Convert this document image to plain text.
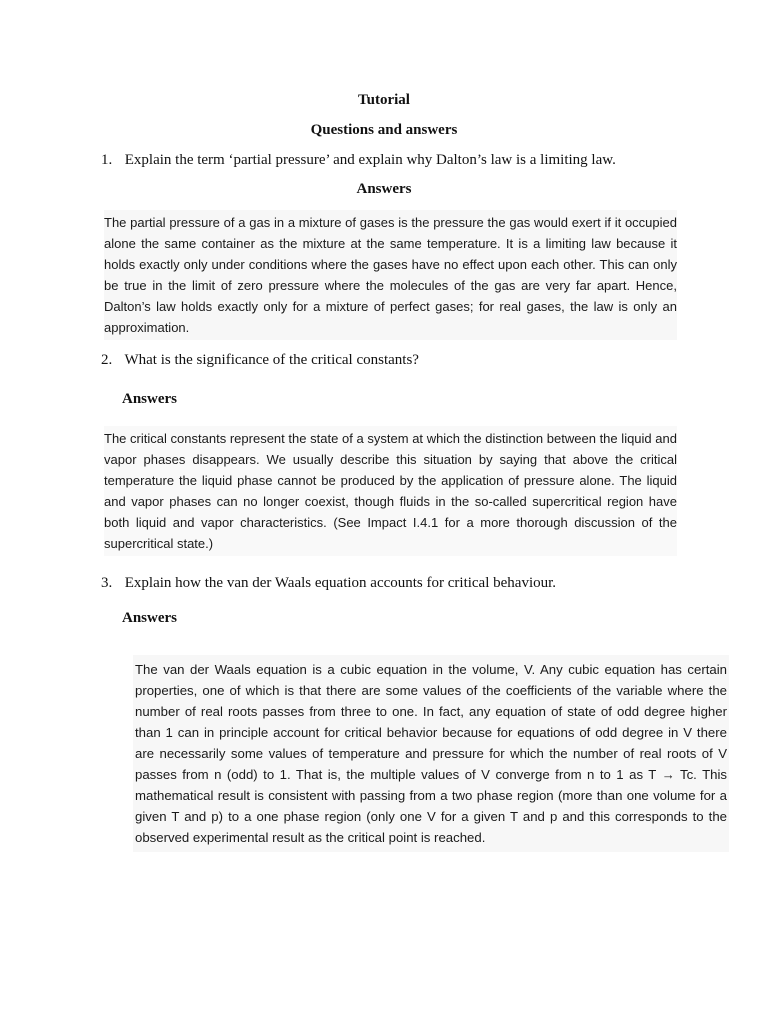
Tutorial
Questions and answers

1. Explain the term ‘partial pressure’ and explain why Dalton’s law is a limiting law.

Answers

The partial pressure of a gas in a mixture of gases is the pressure the gas would exert if it occupied alone the same container as the mixture at the same temperature. It is a limiting law because it holds exactly only under conditions where the gases have no effect upon each other. This can only be true in the limit of zero pressure where the molecules of the gas are very far apart. Hence, Dalton’s law holds exactly only for a mixture of perfect gases; for real gases, the law is only an approximation.

2. What is the significance of the critical constants?

Answers

The critical constants represent the state of a system at which the distinction between the liquid and vapor phases disappears. We usually describe this situation by saying that above the critical temperature the liquid phase cannot be produced by the application of pressure alone. The liquid and vapor phases can no longer coexist, though fluids in the so-called supercritical region have both liquid and vapor characteristics. (See Impact I.4.1 for a more thorough discussion of the supercritical state.)

3. Explain how the van der Waals equation accounts for critical behaviour.

Answers

The van der Waals equation is a cubic equation in the volume, V. Any cubic equation has certain properties, one of which is that there are some values of the coefficients of the variable where the number of real roots passes from three to one. In fact, any equation of state of odd degree higher than 1 can in principle account for critical behavior because for equations of odd degree in V there are necessarily some values of temperature and pressure for which the number of real roots of V passes from n (odd) to 1. That is, the multiple values of V converge from n to 1 as T → Tc. This mathematical result is consistent with passing from a two phase region (more than one volume for a given T and p) to a one phase region (only one V for a given T and p and this corresponds to the observed experimental result as the critical point is reached.
